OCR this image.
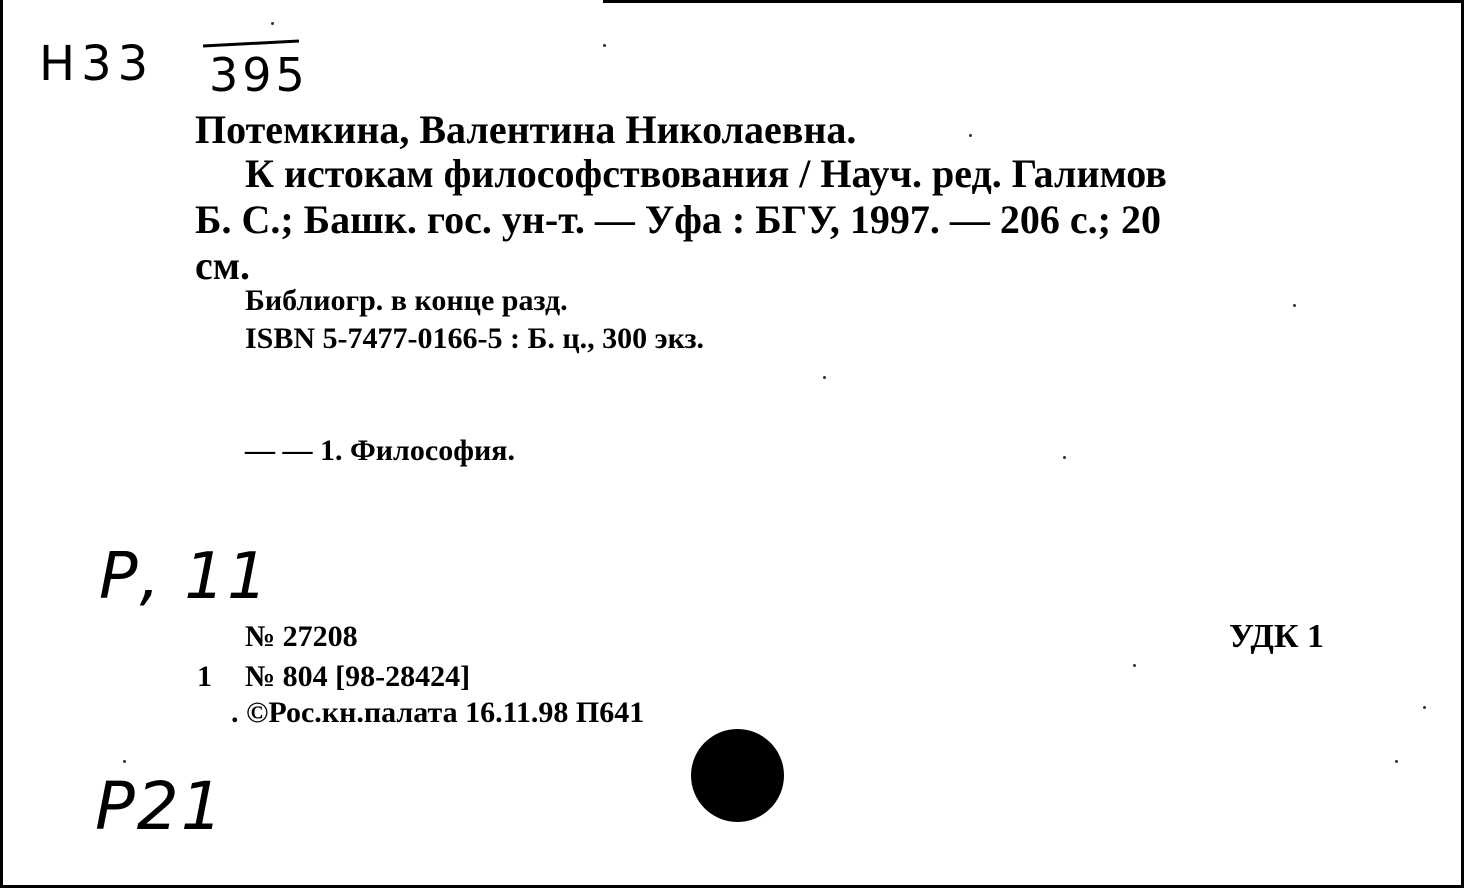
Н33 395
Потемкина, Валентина Николаевна.
К истокам философствования / Науч. ред. Галимов
Б. С.; Башк. гос. ун-т. — Уфа : БГУ, 1997. — 206 с.; 20
см.
Библиогр. в конце разд.
ISBN 5-7477-0166-5 : Б. ц., 300 экз.
— — 1. Философия.
Р, 11
№ 27208	УДК 1
1 № 804 [98-28424]
. ©Рос.кн.палата 16.11.98 П641
Р21
